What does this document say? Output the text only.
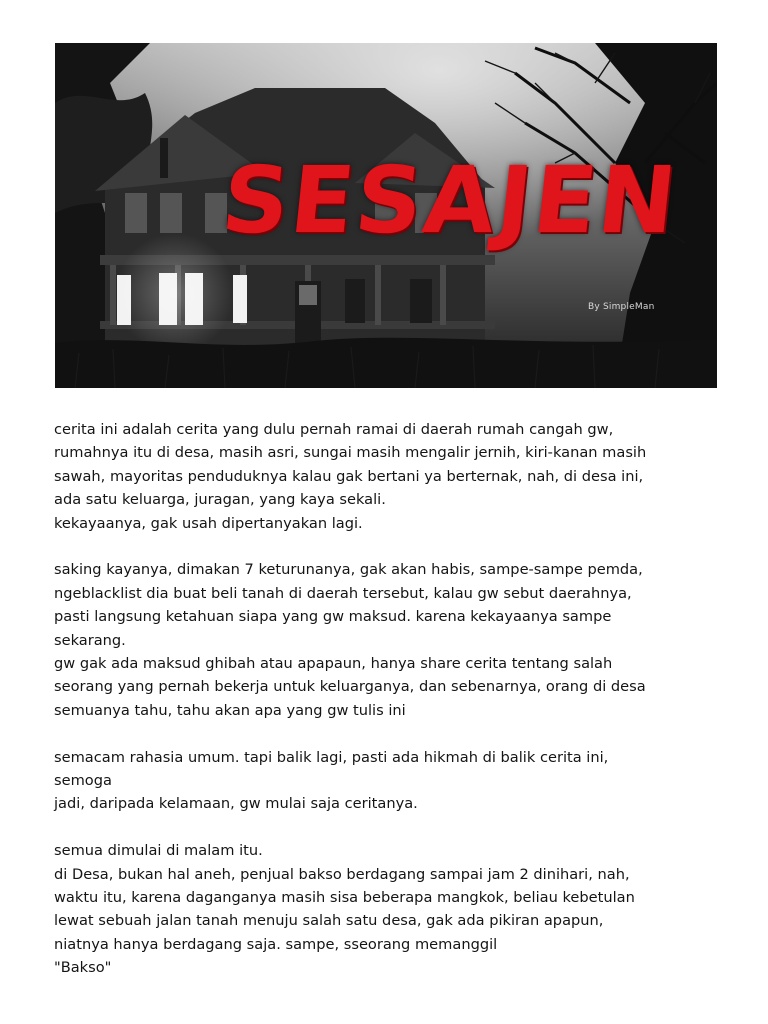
SESAJEN
By SimpleMan

cerita ini adalah cerita yang dulu pernah ramai di daerah rumah cangah gw,
rumahnya itu di desa, masih asri, sungai masih mengalir jernih, kiri-kanan masih
sawah, mayoritas penduduknya kalau gak bertani ya berternak, nah, di desa ini,
ada satu keluarga, juragan, yang kaya sekali.
kekayaanya, gak usah dipertanyakan lagi.

saking kayanya, dimakan 7 keturunanya, gak akan habis, sampe-sampe pemda,
ngeblacklist dia buat beli tanah di daerah tersebut, kalau gw sebut daerahnya,
pasti langsung ketahuan siapa yang gw maksud. karena kekayaanya sampe
sekarang.
gw gak ada maksud ghibah atau apapaun, hanya share cerita tentang salah
seorang yang pernah bekerja untuk keluarganya, dan sebenarnya, orang di desa
semuanya tahu, tahu akan apa yang gw tulis ini

semacam rahasia umum. tapi balik lagi, pasti ada hikmah di balik cerita ini,
semoga
jadi, daripada kelamaan, gw mulai saja ceritanya.

semua dimulai di malam itu.
di Desa, bukan hal aneh, penjual bakso berdagang sampai jam 2 dinihari, nah,
waktu itu, karena daganganya masih sisa beberapa mangkok, beliau kebetulan
lewat sebuah jalan tanah menuju salah satu desa, gak ada pikiran apapun,
niatnya hanya berdagang saja. sampe, sseorang memanggil
"Bakso"
